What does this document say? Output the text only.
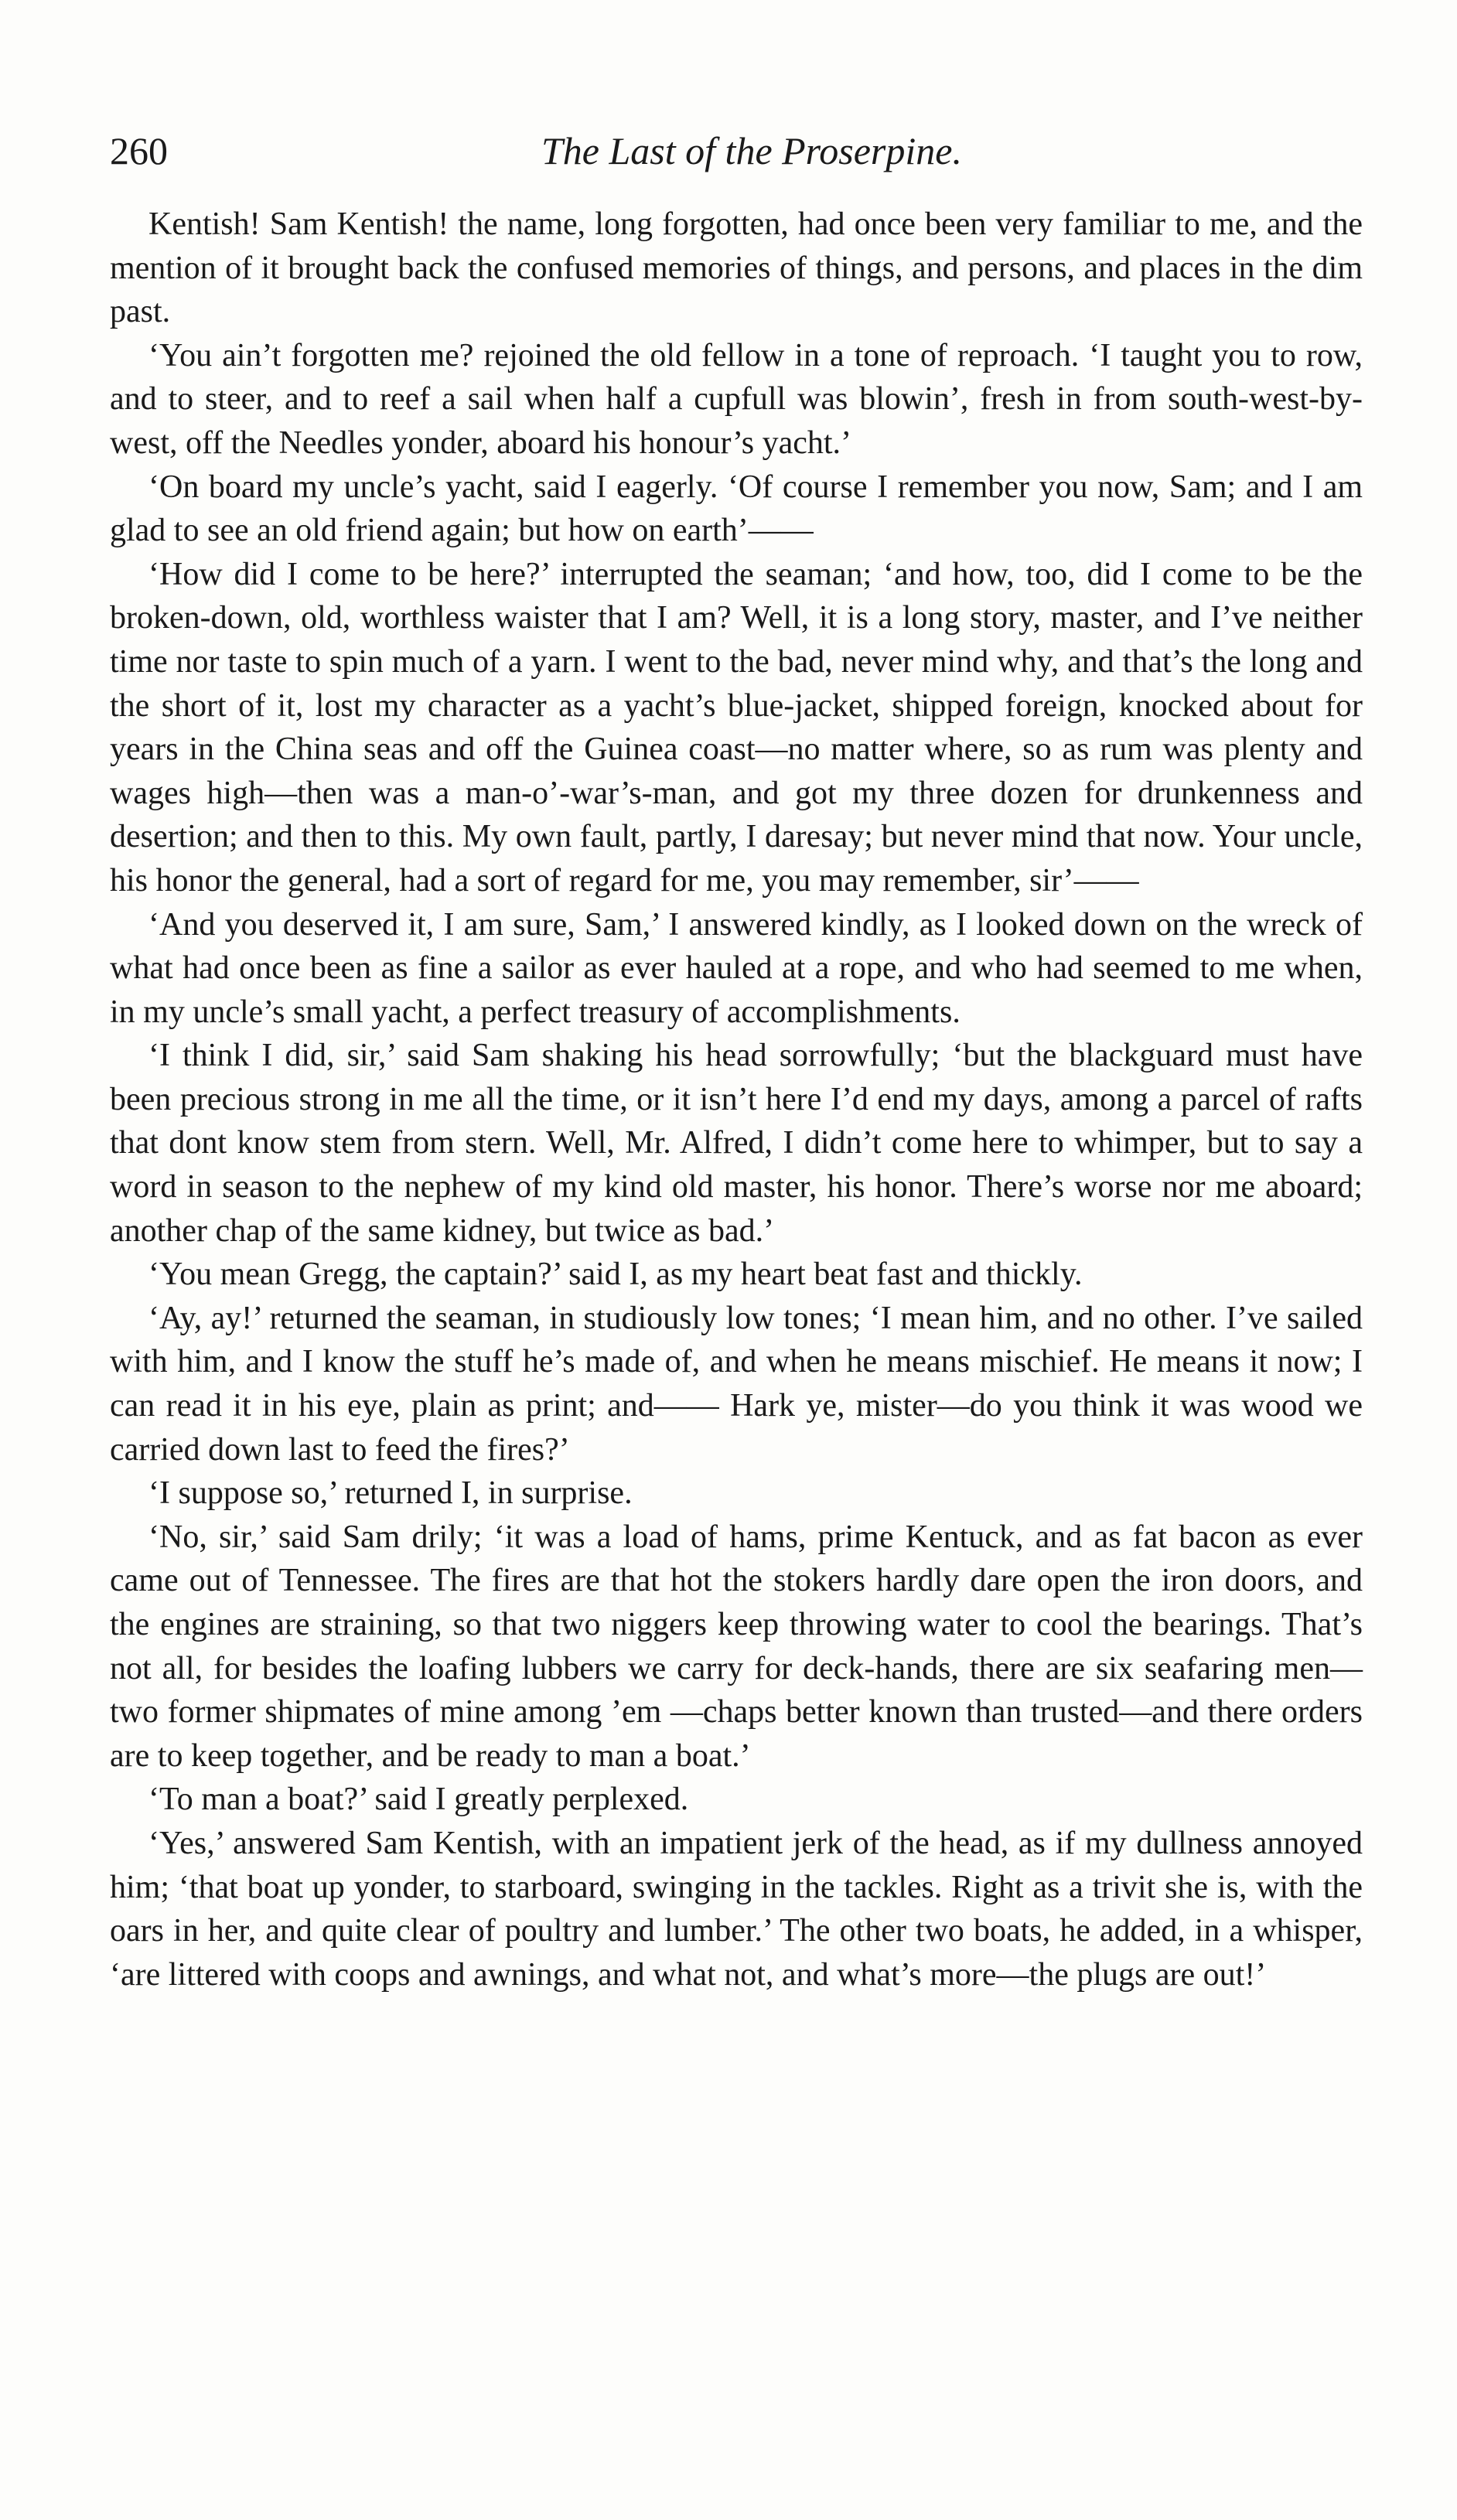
260	The Last of the Proserpine.

Kentish! Sam Kentish! the name, long forgotten, had once been very familiar to me, and the mention of it brought back the confused memories of things, and persons, and places in the dim past.

‘You ain’t forgotten me? rejoined the old fellow in a tone of reproach. ‘I taught you to row, and to steer, and to reef a sail when half a cupfull was blowin’, fresh in from south-west-by-west, off the Needles yonder, aboard his honour’s yacht.’

‘On board my uncle’s yacht, said I eagerly. ‘Of course I remember you now, Sam; and I am glad to see an old friend again; but how on earth’——

‘How did I come to be here?’ interrupted the seaman; ‘and how, too, did I come to be the broken-down, old, worthless waister that I am? Well, it is a long story, master, and I’ve neither time nor taste to spin much of a yarn. I went to the bad, never mind why, and that’s the long and the short of it, lost my character as a yacht’s blue-jacket, shipped foreign, knocked about for years in the China seas and off the Guinea coast—no matter where, so as rum was plenty and wages high—then was a man-o’-war’s-man, and got my three dozen for drunkenness and desertion; and then to this. My own fault, partly, I daresay; but never mind that now. Your uncle, his honor the general, had a sort of regard for me, you may remember, sir’——

‘And you deserved it, I am sure, Sam,’ I answered kindly, as I looked down on the wreck of what had once been as fine a sailor as ever hauled at a rope, and who had seemed to me when, in my uncle’s small yacht, a perfect treasury of accomplishments.

‘I think I did, sir,’ said Sam shaking his head sorrowfully; ‘but the blackguard must have been precious strong in me all the time, or it isn’t here I’d end my days, among a parcel of rafts that dont know stem from stern. Well, Mr. Alfred, I didn’t come here to whimper, but to say a word in season to the nephew of my kind old master, his honor. There’s worse nor me aboard; another chap of the same kidney, but twice as bad.’

‘You mean Gregg, the captain?’ said I, as my heart beat fast and thickly.

‘Ay, ay!’ returned the seaman, in studiously low tones; ‘I mean him, and no other. I’ve sailed with him, and I know the stuff he’s made of, and when he means mischief. He means it now; I can read it in his eye, plain as print; and—— Hark ye, mister—do you think it was wood we carried down last to feed the fires?’

‘I suppose so,’ returned I, in surprise.

‘No, sir,’ said Sam drily; ‘it was a load of hams, prime Kentuck, and as fat bacon as ever came out of Tennessee. The fires are that hot the stokers hardly dare open the iron doors, and the engines are straining, so that two niggers keep throwing water to cool the bearings. That’s not all, for besides the loafing lubbers we carry for deck-hands, there are six seafaring men—two former shipmates of mine among ’em —chaps better known than trusted—and there orders are to keep together, and be ready to man a boat.’

‘To man a boat?’ said I greatly perplexed.

‘Yes,’ answered Sam Kentish, with an impatient jerk of the head, as if my dullness annoyed him; ‘that boat up yonder, to starboard, swinging in the tackles. Right as a trivit she is, with the oars in her, and quite clear of poultry and lumber.’ The other two boats, he added, in a whisper, ‘are littered with coops and awnings, and what not, and what’s more—the plugs are out!’
